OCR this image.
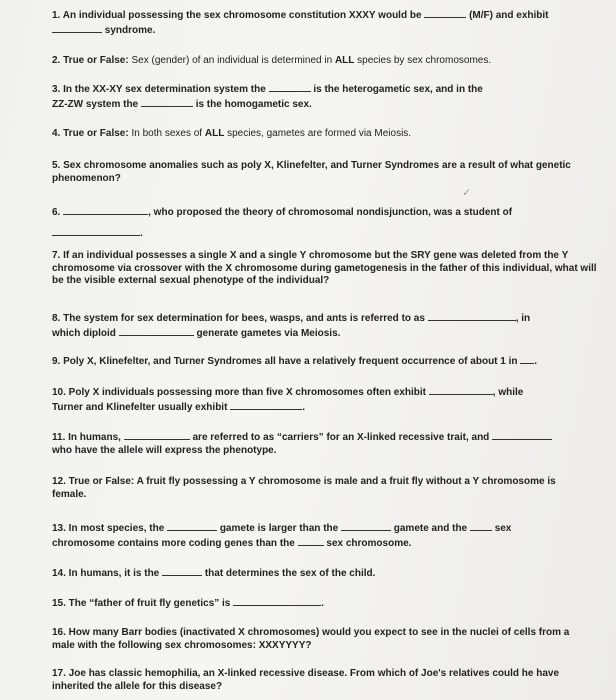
1. An individual possessing the sex chromosome constitution XXXY would be	(M/F) and exhibit
syndrome.
2. True or False: Sex (gender) of an individual is determined in ALL species by sex chromosomes.
3. In the XX-XY sex determination system the	is the heterogametic sex, and in the
ZZ-ZW system the	is the homogametic sex.
4. True or False: In both sexes of ALL species, gametes are formed via Meiosis.
5. Sex chromosome anomalies such as poly X, Klinefelter, and Turner Syndromes are a result of what genetic phenomenon?
✓
6.	, who proposed the theory of chromosomal nondisjunction, was a student of
.
7. If an individual possesses a single X and a single Y chromosome but the SRY gene was deleted from the Y chromosome via crossover with the X chromosome during gametogenesis in the father of this individual, what will be the visible external sexual phenotype of the individual?
8. The system for sex determination for bees, wasps, and ants is referred to as	, in
which diploid	generate gametes via Meiosis.
9. Poly X, Klinefelter, and Turner Syndromes all have a relatively frequent occurrence of about 1 in .
10. Poly X individuals possessing more than five X chromosomes often exhibit	, while
Turner and Klinefelter usually exhibit	.
11. In humans,	are referred to as “carriers” for an X-linked recessive trait, and
who have the allele will express the phenotype.
12. True or False: A fruit fly possessing a Y chromosome is male and a fruit fly without a Y chromosome is female.
13. In most species, the	gamete is larger than the	gamete and the	sex
chromosome contains more coding genes than the	sex chromosome.
14. In humans, it is the	that determines the sex of the child.
15. The “father of fruit fly genetics” is	.
16. How many Barr bodies (inactivated X chromosomes) would you expect to see in the nuclei of cells from a male with the following sex chromosomes: XXXYYYY?
17. Joe has classic hemophilia, an X-linked recessive disease. From which of Joe's relatives could he have inherited the allele for this disease?
